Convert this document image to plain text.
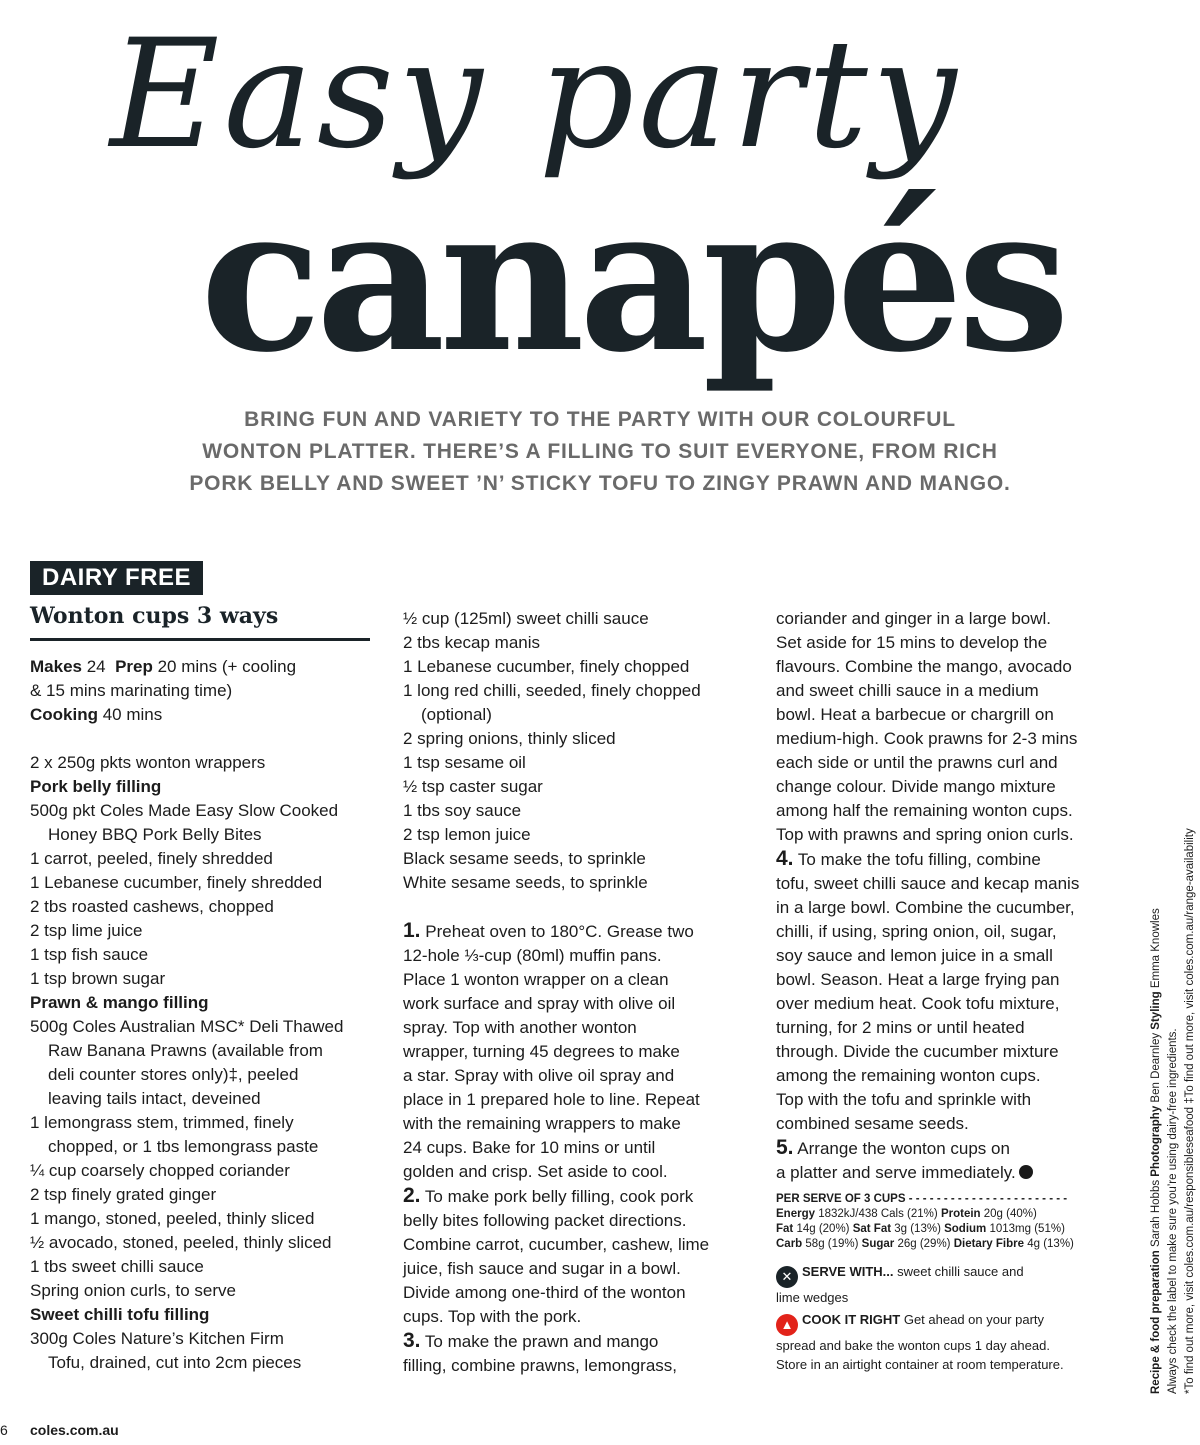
Easy party
canapés
BRING FUN AND VARIETY TO THE PARTY WITH OUR COLOURFUL
WONTON PLATTER. THERE’S A FILLING TO SUIT EVERYONE, FROM RICH
PORK BELLY AND SWEET ’N’ STICKY TOFU TO ZINGY PRAWN AND MANGO.
DAIRY FREE
Wonton cups 3 ways
Makes 24 Prep 20 mins (+ cooling
& 15 mins marinating time)
Cooking 40 mins
2 x 250g pkts wonton wrappers
Pork belly filling
500g pkt Coles Made Easy Slow Cooked
Honey BBQ Pork Belly Bites
1 carrot, peeled, finely shredded
1 Lebanese cucumber, finely shredded
2 tbs roasted cashews, chopped
2 tsp lime juice
1 tsp fish sauce
1 tsp brown sugar
Prawn & mango filling
500g Coles Australian MSC* Deli Thawed
Raw Banana Prawns (available from
deli counter stores only)‡, peeled
leaving tails intact, deveined
1 lemongrass stem, trimmed, finely
chopped, or 1 tbs lemongrass paste
¼ cup coarsely chopped coriander
2 tsp finely grated ginger
1 mango, stoned, peeled, thinly sliced
½ avocado, stoned, peeled, thinly sliced
1 tbs sweet chilli sauce
Spring onion curls, to serve
Sweet chilli tofu filling
300g Coles Nature’s Kitchen Firm
Tofu, drained, cut into 2cm pieces
½ cup (125ml) sweet chilli sauce
2 tbs kecap manis
1 Lebanese cucumber, finely chopped
1 long red chilli, seeded, finely chopped
(optional)
2 spring onions, thinly sliced
1 tsp sesame oil
½ tsp caster sugar
1 tbs soy sauce
2 tsp lemon juice
Black sesame seeds, to sprinkle
White sesame seeds, to sprinkle
1. Preheat oven to 180°C. Grease two
12-hole ⅓-cup (80ml) muffin pans.
Place 1 wonton wrapper on a clean
work surface and spray with olive oil
spray. Top with another wonton
wrapper, turning 45 degrees to make
a star. Spray with olive oil spray and
place in 1 prepared hole to line. Repeat
with the remaining wrappers to make
24 cups. Bake for 10 mins or until
golden and crisp. Set aside to cool.
2. To make pork belly filling, cook pork
belly bites following packet directions.
Combine carrot, cucumber, cashew, lime
juice, fish sauce and sugar in a bowl.
Divide among one-third of the wonton
cups. Top with the pork.
3. To make the prawn and mango
filling, combine prawns, lemongrass,
coriander and ginger in a large bowl.
Set aside for 15 mins to develop the
flavours. Combine the mango, avocado
and sweet chilli sauce in a medium
bowl. Heat a barbecue or chargrill on
medium-high. Cook prawns for 2-3 mins
each side or until the prawns curl and
change colour. Divide mango mixture
among half the remaining wonton cups.
Top with prawns and spring onion curls.
4. To make the tofu filling, combine
tofu, sweet chilli sauce and kecap manis
in a large bowl. Combine the cucumber,
chilli, if using, spring onion, oil, sugar,
soy sauce and lemon juice in a small
bowl. Season. Heat a large frying pan
over medium heat. Cook tofu mixture,
turning, for 2 mins or until heated
through. Divide the cucumber mixture
among the remaining wonton cups.
Top with the tofu and sprinkle with
combined sesame seeds.
5. Arrange the wonton cups on
a platter and serve immediately.
PER SERVE OF 3 CUPS - - - - - - - - - - - - - - - - - - - - - - -
Energy 1832kJ/438 Cals (21%) Protein 20g (40%)
Fat 14g (20%) Sat Fat 3g (13%) Sodium 1013mg (51%)
Carb 58g (19%) Sugar 26g (29%) Dietary Fibre 4g (13%)
✕ SERVE WITH... sweet chilli sauce and
lime wedges
▲ COOK IT RIGHT Get ahead on your party
spread and bake the wonton cups 1 day ahead.
Store in an airtight container at room temperature.	Recipe & food preparation Sarah Hobbs Photography Ben Dearnley Styling Emma Knowles
Always check the label to make sure you’re using dairy-free ingredients. *To find out more, visit coles.com.au/responsibleseafood ‡To find out more, visit coles.com.au/range-availability
6 coles.com.au
